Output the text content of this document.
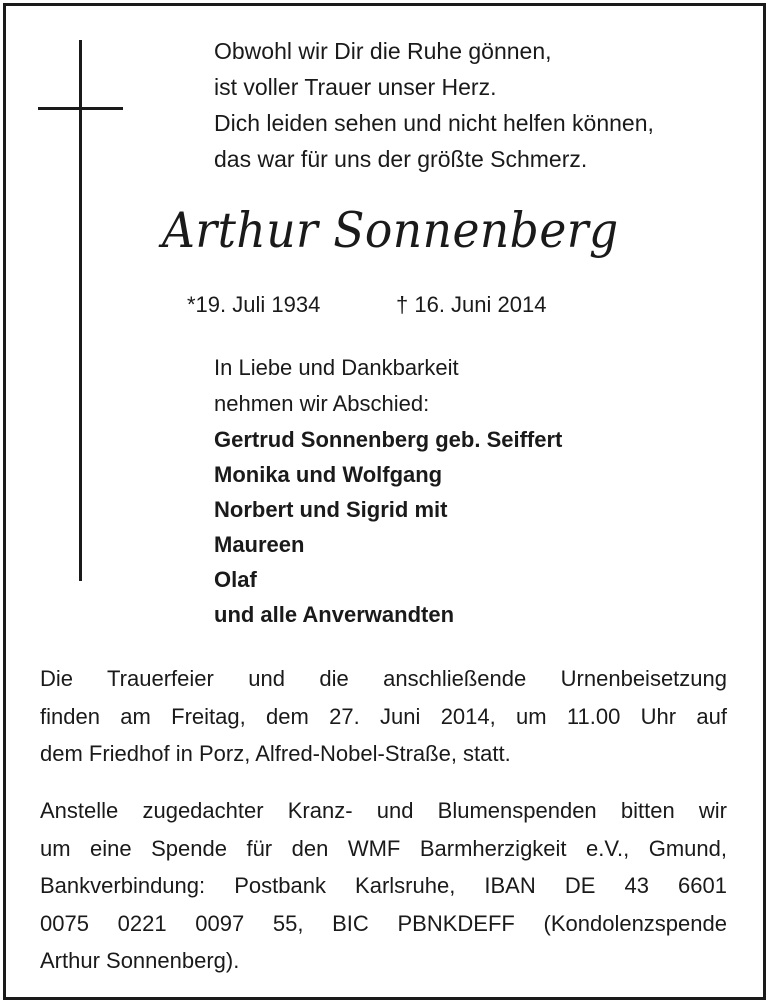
Obwohl wir Dir die Ruhe gönnen,
ist voller Trauer unser Herz.
Dich leiden sehen und nicht helfen können,
das war für uns der größte Schmerz.
Arthur Sonnenberg
*19. Juli 1934	† 16. Juni 2014
In Liebe und Dankbarkeit
nehmen wir Abschied:
Gertrud Sonnenberg geb. Seiffert
Monika und Wolfgang
Norbert und Sigrid mit
Maureen
Olaf
und alle Anverwandten
Die Trauerfeier und die anschließende Urnenbeisetzung
finden am Freitag, dem 27. Juni 2014, um 11.00 Uhr auf
dem Friedhof in Porz, Alfred-Nobel-Straße, statt.
Anstelle zugedachter Kranz- und Blumenspenden bitten wir
um eine Spende für den WMF Barmherzigkeit e.V., Gmund,
Bankverbindung: Postbank Karlsruhe, IBAN DE 43 6601
0075 0221 0097 55, BIC PBNKDEFF (Kondolenzspende
Arthur Sonnenberg).
